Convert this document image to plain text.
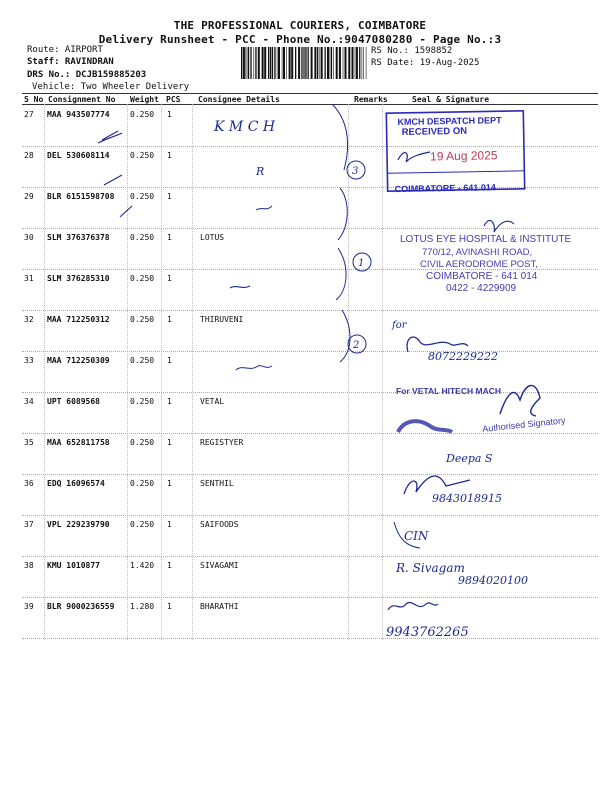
THE PROFESSIONAL COURIERS, COIMBATORE
Delivery Runsheet - PCC - Phone No.:9047080280 - Page No.:3
Route: AIRPORT
Staff: RAVINDRAN
DRS No.: DCJB159885203
Vehicle: Two Wheeler Delivery
RS No.: 1598852
RS Date: 19-Aug-2025
S No Consignment No Weight PCS Consignee Details	Remarks	Seal & Signature
27 MAA 943507774	0.250 1
28 DEL 530608114	0.250 1
29 BLR 6151598708 0.250 1
30 SLM 376376378	0.250 1	LOTUS
31 SLM 376285310	0.250 1
32 MAA 712250312	0.250 1	THIRUVENI
33 MAA 712250309	0.250 1
34 UPT 6089568	0.250 1	VETAL
35 MAA 652811758	0.250 1	REGISTYER
36 EDQ 16096574	0.250 1	SENTHIL
37 VPL 229239790	0.250 1	SAIFOODS
38 KMU 1010877	1.420 1	SIVAGAMI
39 BLR 9000236559 1.280 1	BHARATHI
K M C H	KMCH DESPATCH DEPT
RECEIVED ON
19 Aug 2025
COIMBATORE - 641 014
3
R
LOTUS EYE HOSPITAL & INSTITUTE
770/12, AVINASHI ROAD,
CIVIL AERODROME POST,
COIMBATORE - 641 014
0422 - 4229909
1
for
8072229222
2
For VETAL HITECH MACH
Authorised Signatory
Deepa S
9843018915
CIN
R. Sivagam
9894020100
9943762265
